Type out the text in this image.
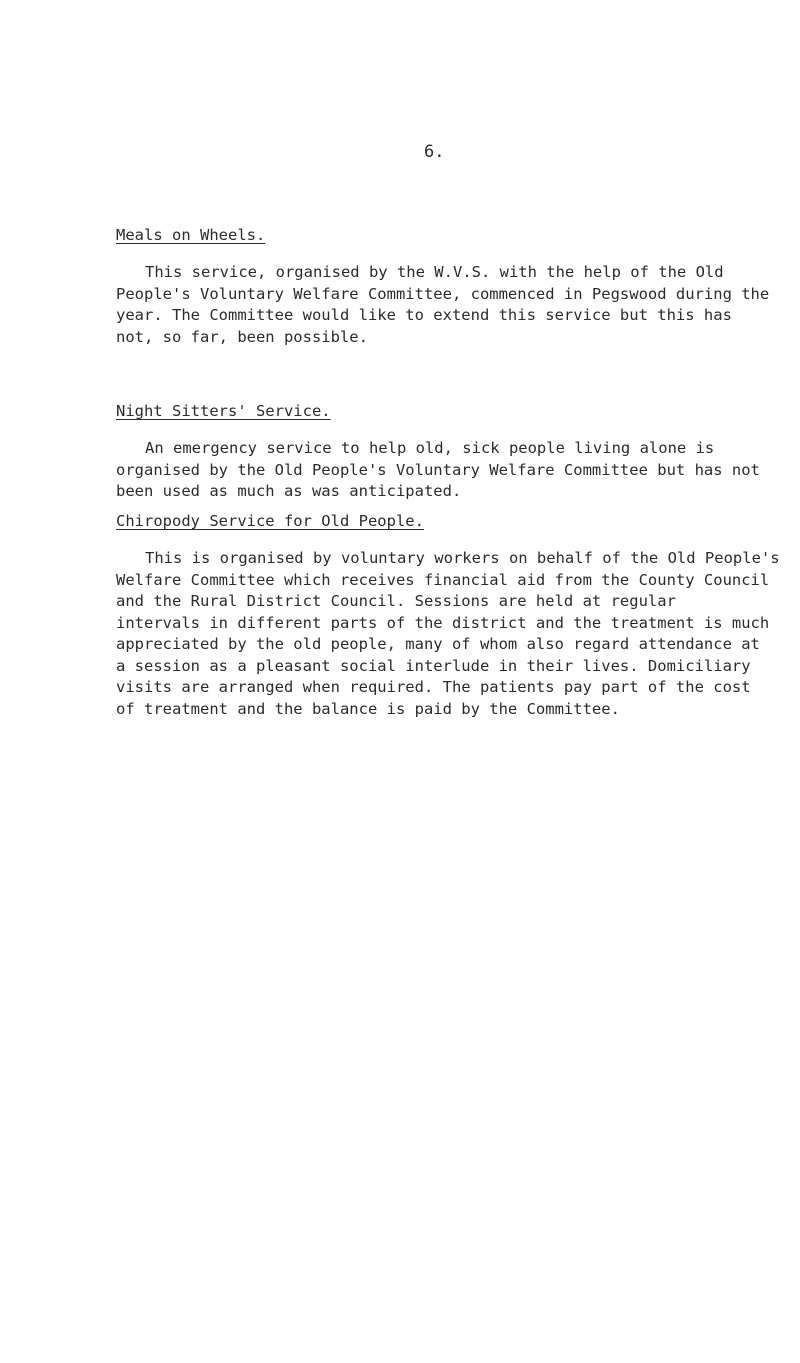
6.
Meals on Wheels.

This service, organised by the W.V.S. with the help of the Old
People's Voluntary Welfare Committee, commenced in Pegswood during the
year. The Committee would like to extend this service but this has
not, so far, been possible.

Night Sitters' Service.

An emergency service to help old, sick people living alone is
organised by the Old People's Voluntary Welfare Committee but has not
been used as much as was anticipated.

Chiropody Service for Old People.

This is organised by voluntary workers on behalf of the Old People's
Welfare Committee which receives financial aid from the County Council
and the Rural District Council. Sessions are held at regular
intervals in different parts of the district and the treatment is much
appreciated by the old people, many of whom also regard attendance at
a session as a pleasant social interlude in their lives. Domiciliary
visits are arranged when required. The patients pay part of the cost
of treatment and the balance is paid by the Committee.
